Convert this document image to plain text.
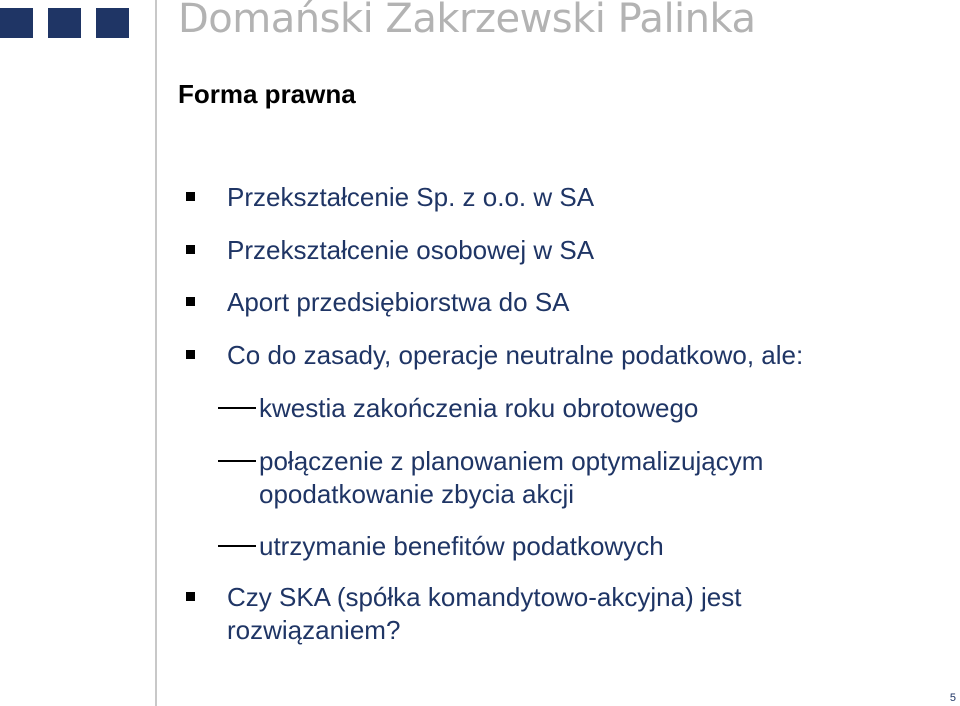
Domański Zakrzewski Palinka
Forma prawna
Przekształcenie Sp. z o.o. w SA
Przekształcenie osobowej w SA
Aport przedsiębiorstwa do SA
Co do zasady, operacje neutralne podatkowo, ale:
kwestia zakończenia roku obrotowego
połączenie z planowaniem optymalizującym
opodatkowanie zbycia akcji
utrzymanie benefitów podatkowych
Czy SKA (spółka komandytowo-akcyjna) jest
rozwiązaniem?
5
